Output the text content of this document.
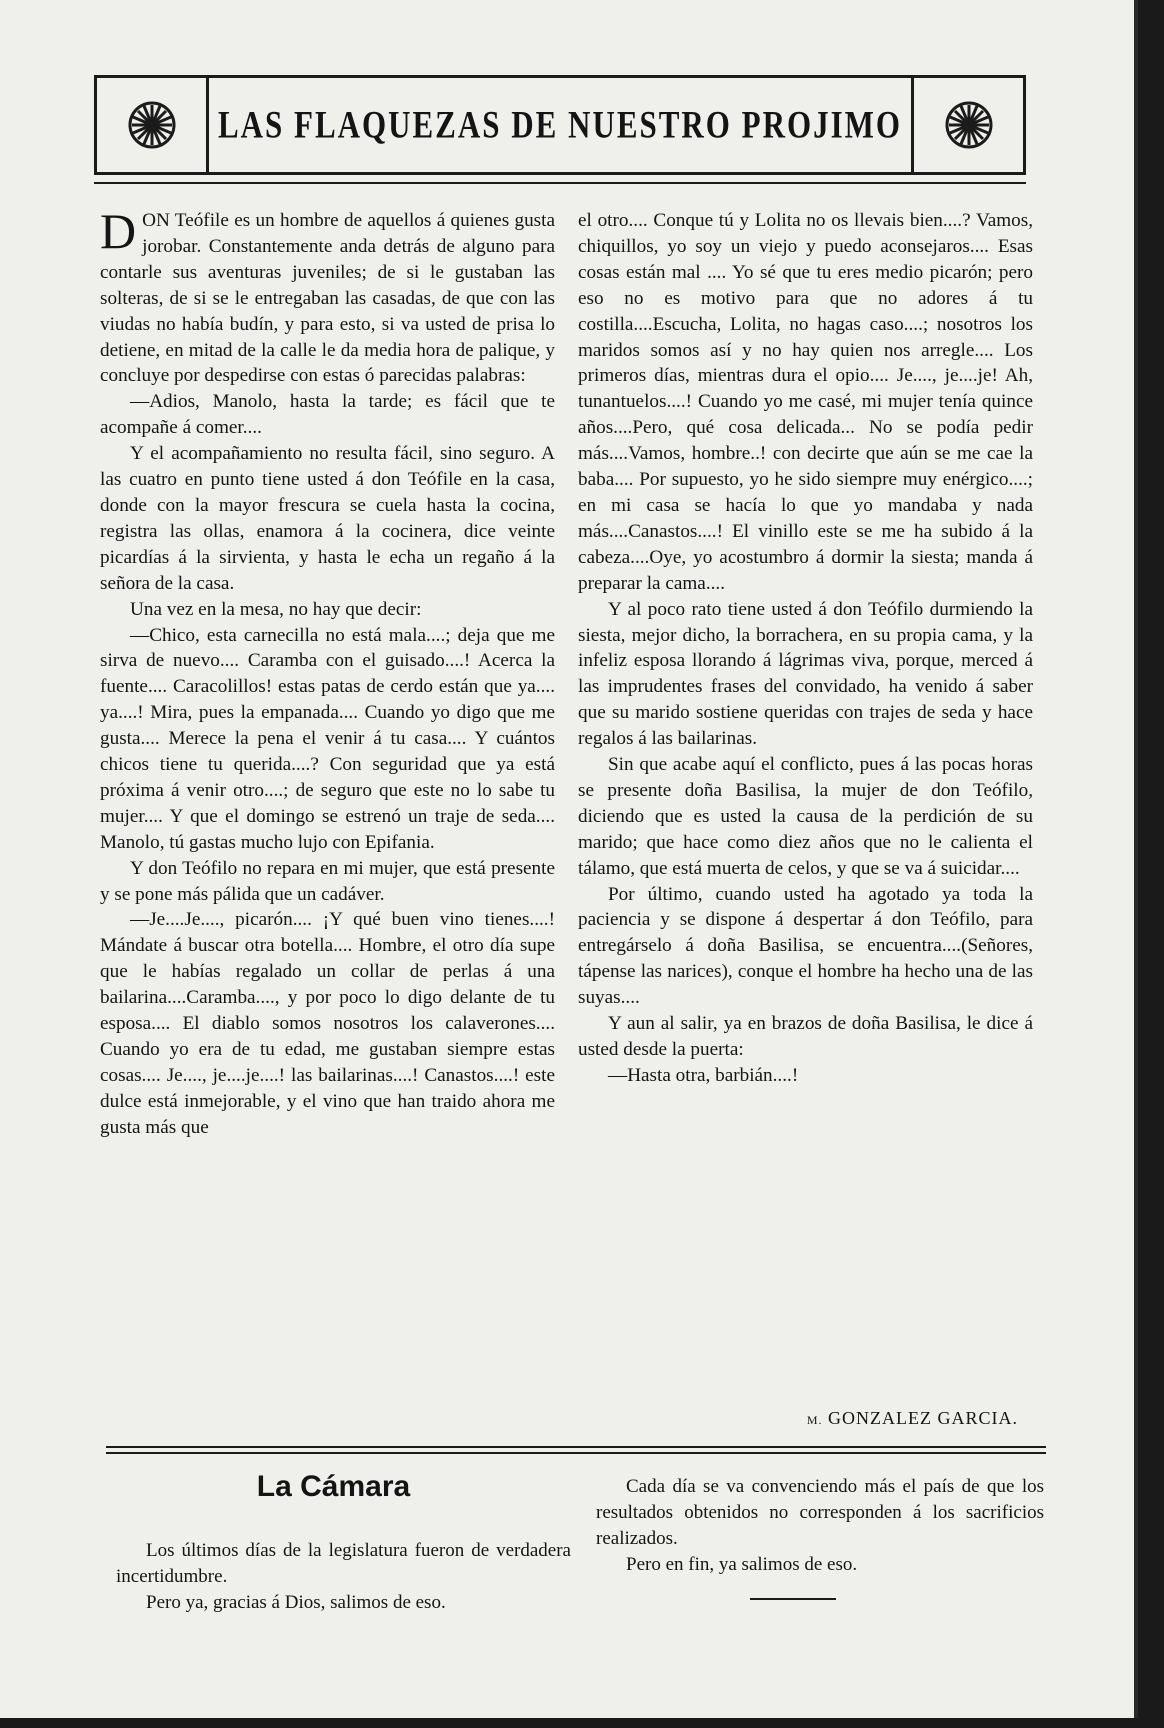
LAS FLAQUEZAS DE NUESTRO PROJIMO

DON Teófile es un hombre de aquellos á quienes gusta jorobar. Constantemente anda detrás de alguno para contarle sus aventuras juveniles; de si le gustaban las solteras, de si se le entregaban las casadas, de que con las viudas no había budín, y para esto, si va usted de prisa lo detiene, en mitad de la calle le da media hora de palique, y concluye por despedirse con estas ó parecidas palabras:

—Adios, Manolo, hasta la tarde; es fácil que te acompañe á comer....

Y el acompañamiento no resulta fácil, sino seguro. A las cuatro en punto tiene usted á don Teófile en la casa, donde con la mayor frescura se cuela hasta la cocina, registra las ollas, enamora á la cocinera, dice veinte picardías á la sirvienta, y hasta le echa un regaño á la señora de la casa.

Una vez en la mesa, no hay que decir:

—Chico, esta carnecilla no está mala....; deja que me sirva de nuevo.... Caramba con el guisado....! Acerca la fuente.... Caracolillos! estas patas de cerdo están que ya.... ya....! Mira, pues la empanada.... Cuando yo digo que me gusta.... Merece la pena el venir á tu casa.... Y cuántos chicos tiene tu querida....? Con seguridad que ya está próxima á venir otro....; de seguro que este no lo sabe tu mujer.... Y que el domingo se estrenó un traje de seda.... Manolo, tú gastas mucho lujo con Epifania.

Y don Teófilo no repara en mi mujer, que está presente y se pone más pálida que un cadáver.

—Je....Je...., picarón.... ¡Y qué buen vino tienes....! Mándate á buscar otra botella.... Hombre, el otro día supe que le habías regalado un collar de perlas á una bailarina....Caramba...., y por poco lo digo delante de tu esposa.... El diablo somos nosotros los calaverones.... Cuando yo era de tu edad, me gustaban siempre estas cosas.... Je...., je....je....! las bailarinas....! Canastos....! este dulce está inmejorable, y el vino que han traido ahora me gusta más que

el otro.... Conque tú y Lolita no os llevais bien....? Vamos, chiquillos, yo soy un viejo y puedo aconsejaros.... Esas cosas están mal .... Yo sé que tu eres medio picarón; pero eso no es motivo para que no adores á tu costilla....Escucha, Lolita, no hagas caso....; nosotros los maridos somos así y no hay quien nos arregle.... Los primeros días, mientras dura el opio.... Je...., je....je! Ah, tunantuelos....! Cuando yo me casé, mi mujer tenía quince años....Pero, qué cosa delicada... No se podía pedir más....Vamos, hombre..! con decirte que aún se me cae la baba.... Por supuesto, yo he sido siempre muy enérgico....; en mi casa se hacía lo que yo mandaba y nada más....Canastos....! El vinillo este se me ha subido á la cabeza....Oye, yo acostumbro á dormir la siesta; manda á preparar la cama....

Y al poco rato tiene usted á don Teófilo durmiendo la siesta, mejor dicho, la borrachera, en su propia cama, y la infeliz esposa llorando á lágrimas viva, porque, merced á las imprudentes frases del convidado, ha venido á saber que su marido sostiene queridas con trajes de seda y hace regalos á las bailarinas.

Sin que acabe aquí el conflicto, pues á las pocas horas se presente doña Basilisa, la mujer de don Teófilo, diciendo que es usted la causa de la perdición de su marido; que hace como diez años que no le calienta el tálamo, que está muerta de celos, y que se va á suicidar....

Por último, cuando usted ha agotado ya toda la paciencia y se dispone á despertar á don Teófilo, para entregárselo á doña Basilisa, se encuentra....(Señores, tápense las narices), conque el hombre ha hecho una de las suyas....

Y aun al salir, ya en brazos de doña Basilisa, le dice á usted desde la puerta:

—Hasta otra, barbián....!

M. GONZALEZ GARCIA.
La Cámara

Los últimos días de la legislatura fueron de verdadera incertidumbre.

Pero ya, gracias á Dios, salimos de eso.

Cada día se va convenciendo más el país de que los resultados obtenidos no corresponden á los sacrificios realizados.

Pero en fin, ya salimos de eso.
